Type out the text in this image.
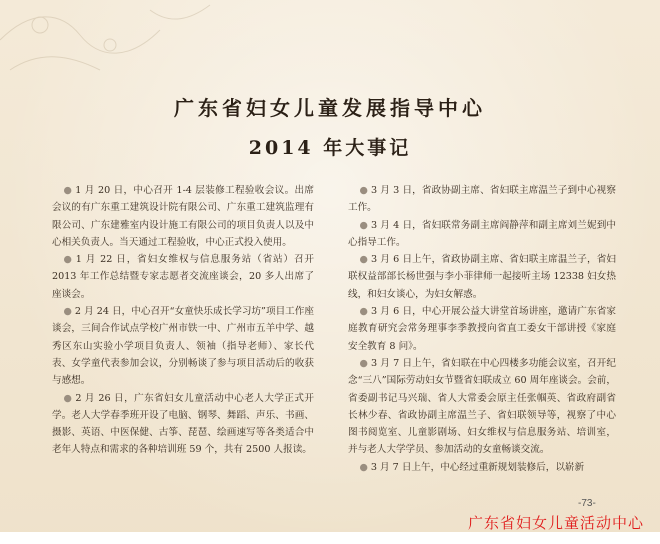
广东省妇女儿童发展指导中心
2014 年大事记

● 1 月 20 日，中心召开 1-4 层装修工程验收会议。出席会议的有广东重工建筑设计院有限公司、广东重工建筑监理有限公司、广东建雅室内设计施工有限公司的项目负责人以及中心相关负责人。当天通过工程验收，中心正式投入使用。

● 1 月 22 日，省妇女维权与信息服务站（省站）召开 2013 年工作总结暨专家志愿者交流座谈会，20 多人出席了座谈会。

● 2 月 24 日，中心召开“女童快乐成长学习坊”项目工作座谈会，三间合作试点学校广州市铁一中、广州市五羊中学、越秀区东山实验小学项目负责人、领袖（指导老师）、家长代表、女学童代表参加会议，分别畅谈了参与项目活动后的收获与感想。

● 2 月 26 日，广东省妇女儿童活动中心老人大学正式开学。老人大学春季班开设了电脑、钢琴、舞蹈、声乐、书画、摄影、英语、中医保健、古筝、琵琶、绘画速写等各类适合中老年人特点和需求的各种培训班 59 个，共有 2500 人报读。

● 3 月 3 日，省政协副主席、省妇联主席温兰子到中心视察工作。

● 3 月 4 日，省妇联常务副主席阎静萍和副主席刘兰妮到中心指导工作。

● 3 月 6 日上午，省政协副主席、省妇联主席温兰子，省妇联权益部部长杨世强与李小菲律师一起接听主场 12338 妇女热线，和妇女谈心，为妇女解惑。

● 3 月 6 日，中心开展公益大讲堂首场讲座，邀请广东省家庭教育研究会常务理事李季教授向省直工委女干部讲授《家庭安全教育 8 问》。

● 3 月 7 日上午，省妇联在中心四楼多功能会议室，召开纪念“三八”国际劳动妇女节暨省妇联成立 60 周年座谈会。会前，省委副书记马兴瑞、省人大常委会原主任张帼英、省政府副省长林少春、省政协副主席温兰子、省妇联领导等，视察了中心图书阅览室、儿童影剧场、妇女维权与信息服务站、培训室，并与老人大学学员、参加活动的女童畅谈交流。

● 3 月 7 日上午，中心经过重新规划装修后，以崭新

-73-
广东省妇女儿童活动中心
